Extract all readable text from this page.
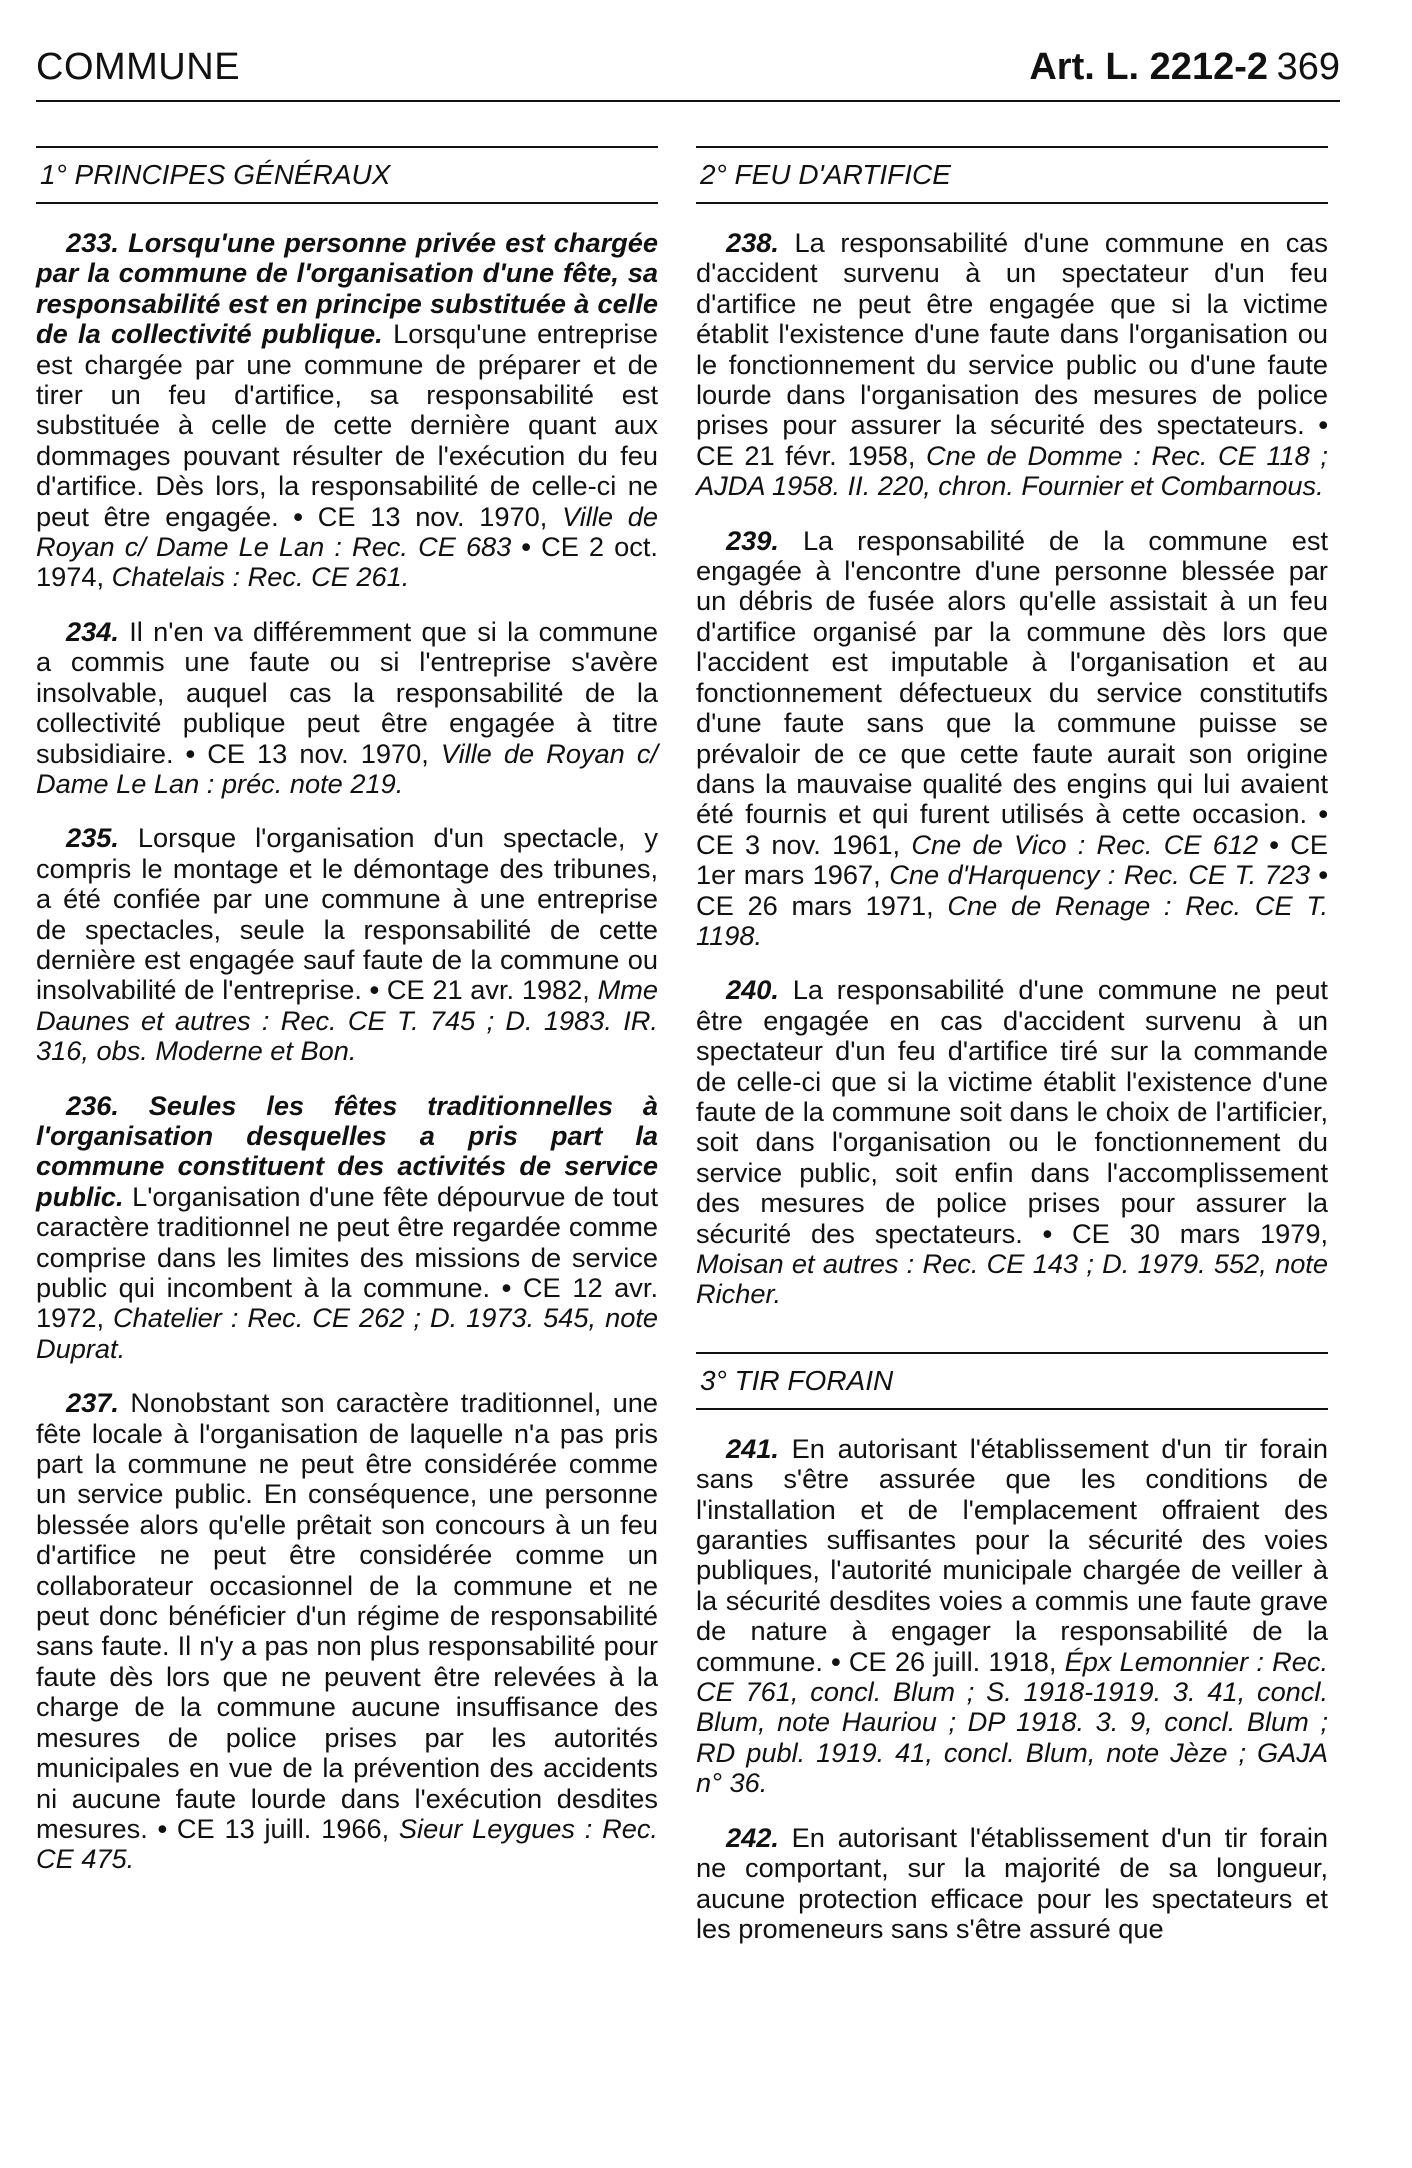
COMMUNE	Art. L. 2212-2 369
1° PRINCIPES GÉNÉRAUX

233. Lorsqu'une personne privée est chargée par la commune de l'organisation d'une fête, sa responsabilité est en principe substituée à celle de la collectivité publique. Lorsqu'une entreprise est chargée par une commune de préparer et de tirer un feu d'artifice, sa responsabilité est substituée à celle de cette dernière quant aux dommages pouvant résulter de l'exécution du feu d'artifice. Dès lors, la responsabilité de celle-ci ne peut être engagée. • CE 13 nov. 1970, Ville de Royan c/ Dame Le Lan : Rec. CE 683 • CE 2 oct. 1974, Chatelais : Rec. CE 261.

234. Il n'en va différemment que si la commune a commis une faute ou si l'entreprise s'avère insolvable, auquel cas la responsabilité de la collectivité publique peut être engagée à titre subsidiaire. • CE 13 nov. 1970, Ville de Royan c/ Dame Le Lan : préc. note 219.

235. Lorsque l'organisation d'un spectacle, y compris le montage et le démontage des tribunes, a été confiée par une commune à une entreprise de spectacles, seule la responsabilité de cette dernière est engagée sauf faute de la commune ou insolvabilité de l'entreprise. • CE 21 avr. 1982, Mme Daunes et autres : Rec. CE T. 745 ; D. 1983. IR. 316, obs. Moderne et Bon.

236. Seules les fêtes traditionnelles à l'organisation desquelles a pris part la commune constituent des activités de service public. L'organisation d'une fête dépourvue de tout caractère traditionnel ne peut être regardée comme comprise dans les limites des missions de service public qui incombent à la commune. • CE 12 avr. 1972, Chatelier : Rec. CE 262 ; D. 1973. 545, note Duprat.

237. Nonobstant son caractère traditionnel, une fête locale à l'organisation de laquelle n'a pas pris part la commune ne peut être considérée comme un service public. En conséquence, une personne blessée alors qu'elle prêtait son concours à un feu d'artifice ne peut être considérée comme un collaborateur occasionnel de la commune et ne peut donc bénéficier d'un régime de responsabilité sans faute. Il n'y a pas non plus responsabilité pour faute dès lors que ne peuvent être relevées à la charge de la commune aucune insuffisance des mesures de police prises par les autorités municipales en vue de la prévention des accidents ni aucune faute lourde dans l'exécution desdites mesures. • CE 13 juill. 1966, Sieur Leygues : Rec. CE 475.

2° FEU D'ARTIFICE

238. La responsabilité d'une commune en cas d'accident survenu à un spectateur d'un feu d'artifice ne peut être engagée que si la victime établit l'existence d'une faute dans l'organisation ou le fonctionnement du service public ou d'une faute lourde dans l'organisation des mesures de police prises pour assurer la sécurité des spectateurs. • CE 21 févr. 1958, Cne de Domme : Rec. CE 118 ; AJDA 1958. II. 220, chron. Fournier et Combarnous.

239. La responsabilité de la commune est engagée à l'encontre d'une personne blessée par un débris de fusée alors qu'elle assistait à un feu d'artifice organisé par la commune dès lors que l'accident est imputable à l'organisation et au fonctionnement défectueux du service constitutifs d'une faute sans que la commune puisse se prévaloir de ce que cette faute aurait son origine dans la mauvaise qualité des engins qui lui avaient été fournis et qui furent utilisés à cette occasion. • CE 3 nov. 1961, Cne de Vico : Rec. CE 612 • CE 1er mars 1967, Cne d'Harquency : Rec. CE T. 723 • CE 26 mars 1971, Cne de Renage : Rec. CE T. 1198.

240. La responsabilité d'une commune ne peut être engagée en cas d'accident survenu à un spectateur d'un feu d'artifice tiré sur la commande de celle-ci que si la victime établit l'existence d'une faute de la commune soit dans le choix de l'artificier, soit dans l'organisation ou le fonctionnement du service public, soit enfin dans l'accomplissement des mesures de police prises pour assurer la sécurité des spectateurs. • CE 30 mars 1979, Moisan et autres : Rec. CE 143 ; D. 1979. 552, note Richer.

3° TIR FORAIN

241. En autorisant l'établissement d'un tir forain sans s'être assurée que les conditions de l'installation et de l'emplacement offraient des garanties suffisantes pour la sécurité des voies publiques, l'autorité municipale chargée de veiller à la sécurité desdites voies a commis une faute grave de nature à engager la responsabilité de la commune. • CE 26 juill. 1918, Épx Lemonnier : Rec. CE 761, concl. Blum ; S. 1918-1919. 3. 41, concl. Blum, note Hauriou ; DP 1918. 3. 9, concl. Blum ; RD publ. 1919. 41, concl. Blum, note Jèze ; GAJA n° 36.

242. En autorisant l'établissement d'un tir forain ne comportant, sur la majorité de sa longueur, aucune protection efficace pour les spectateurs et les promeneurs sans s'être assuré que
